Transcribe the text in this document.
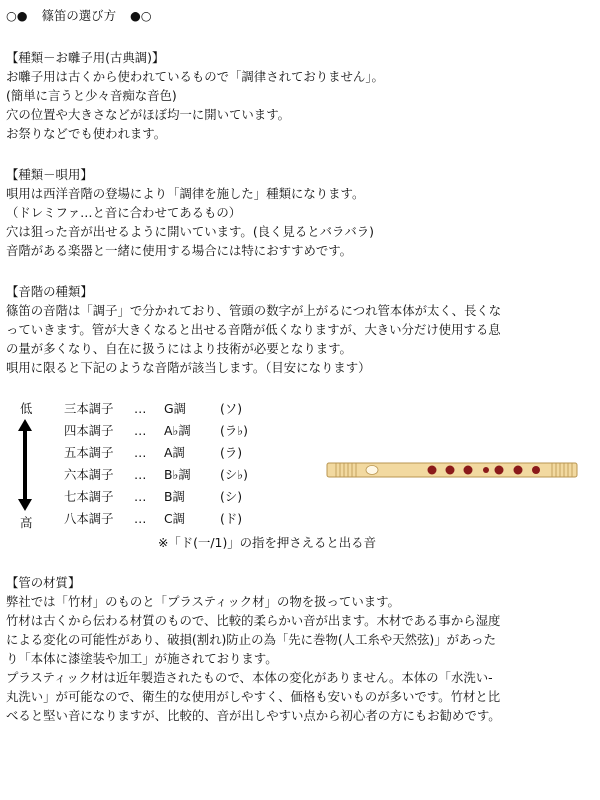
○● 篠笛の選び方 ●○
【種類－お囃子用(古典調)】
お囃子用は古くから使われているもので「調律されておりません」。
(簡単に言うと少々音痴な音色)
穴の位置や大きさなどがほぼ均一に開いています。
お祭りなどでも使われます。
【種類－唄用】
唄用は西洋音階の登場により「調律を施した」種類になります。
（ドレミファ…と音に合わせてあるもの）
穴は狙った音が出せるように開いています。(良く見るとバラバラ)
音階がある楽器と一緒に使用する場合には特におすすめです。
【音階の種類】
篠笛の音階は「調子」で分かれており、管頭の数字が上がるにつれ管本体が太く、長くな
っていきます。管が大きくなると出せる音階が低くなりますが、大きい分だけ使用する息
の量が多くなり、自在に扱うにはより技術が必要となります。
唄用に限ると下記のような音階が該当します。（目安になります）
低
高
三本調子 … G調	(ソ)
四本調子 … A♭調 (ラ♭)
五本調子 … A調	(ラ)
六本調子 … B♭調 (シ♭)
七本調子 … B調	(シ)
八本調子 … C調	(ド)
※「ド(一/1)」の指を押さえると出る音
【管の材質】
弊社では「竹材」のものと「プラスティック材」の物を扱っています。
竹材は古くから伝わる材質のもので、比較的柔らかい音が出ます。木材である事から湿度
による変化の可能性があり、破損(割れ)防止の為「先に巻物(人工糸や天然弦)」があった
り「本体に漆塗装や加工」が施されております。
プラスティック材は近年製造されたもので、本体の変化がありません。本体の「水洗い-
丸洗い」が可能なので、衛生的な使用がしやすく、価格も安いものが多いです。竹材と比
べると堅い音になりますが、比較的、音が出しやすい点から初心者の方にもお勧めです。
